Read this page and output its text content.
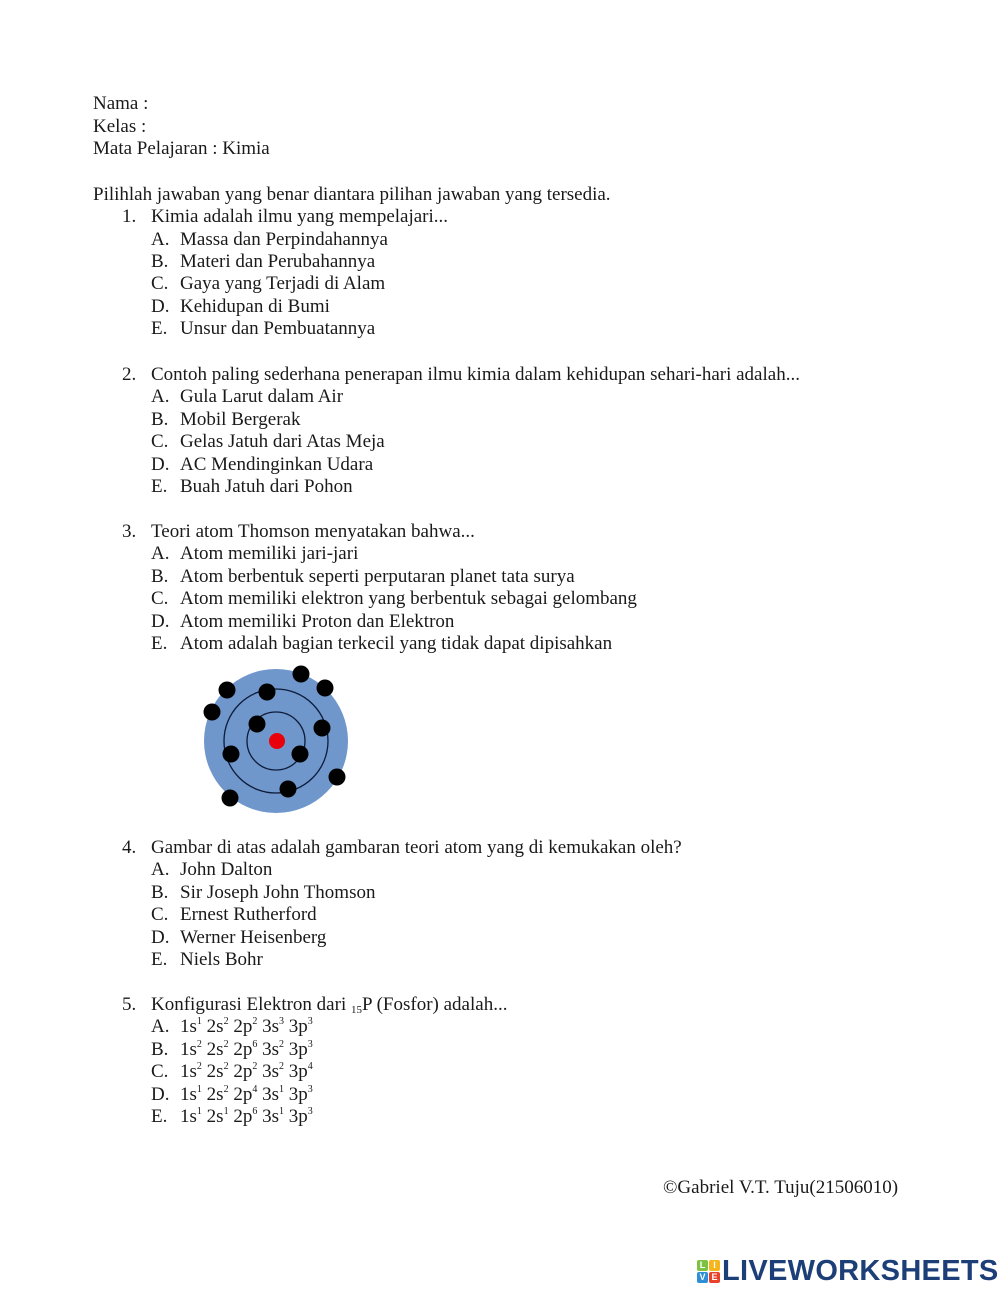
Nama :
Kelas :
Mata Pelajaran : Kimia
Pilihlah jawaban yang benar diantara pilihan jawaban yang tersedia.
1. Kimia adalah ilmu yang mempelajari...
A. Massa dan Perpindahannya
B. Materi dan Perubahannya
C. Gaya yang Terjadi di Alam
D. Kehidupan di Bumi
E. Unsur dan Pembuatannya
2. Contoh paling sederhana penerapan ilmu kimia dalam kehidupan sehari-hari adalah...
A. Gula Larut dalam Air
B. Mobil Bergerak
C. Gelas Jatuh dari Atas Meja
D. AC Mendinginkan Udara
E. Buah Jatuh dari Pohon
3. Teori atom Thomson menyatakan bahwa...
A. Atom memiliki jari-jari
B. Atom berbentuk seperti perputaran planet tata surya
C. Atom memiliki elektron yang berbentuk sebagai gelombang
D. Atom memiliki Proton dan Elektron
E. Atom adalah bagian terkecil yang tidak dapat dipisahkan
4. Gambar di atas adalah gambaran teori atom yang di kemukakan oleh?
A. John Dalton
B. Sir Joseph John Thomson
C. Ernest Rutherford
D. Werner Heisenberg
E. Niels Bohr
5. Konfigurasi Elektron dari $_{15}$P (Fosfor) adalah...
A. $1s^1$ $2s^2$ $2p^2$ $3s^3$ $3p^3$
B. $1s^2$ $2s^2$ $2p^6$ $3s^2$ $3p^3$
C. $1s^2$ $2s^2$ $2p^2$ $3s^2$ $3p^4$
D. $1s^1$ $2s^2$ $2p^4$ $3s^1$ $3p^3$
E. $1s^1$ $2s^1$ $2p^6$ $3s^1$ $3p^3$
©Gabriel V.T. Tuju(21506010)
L I
V E LIVEWORKSHEETS
